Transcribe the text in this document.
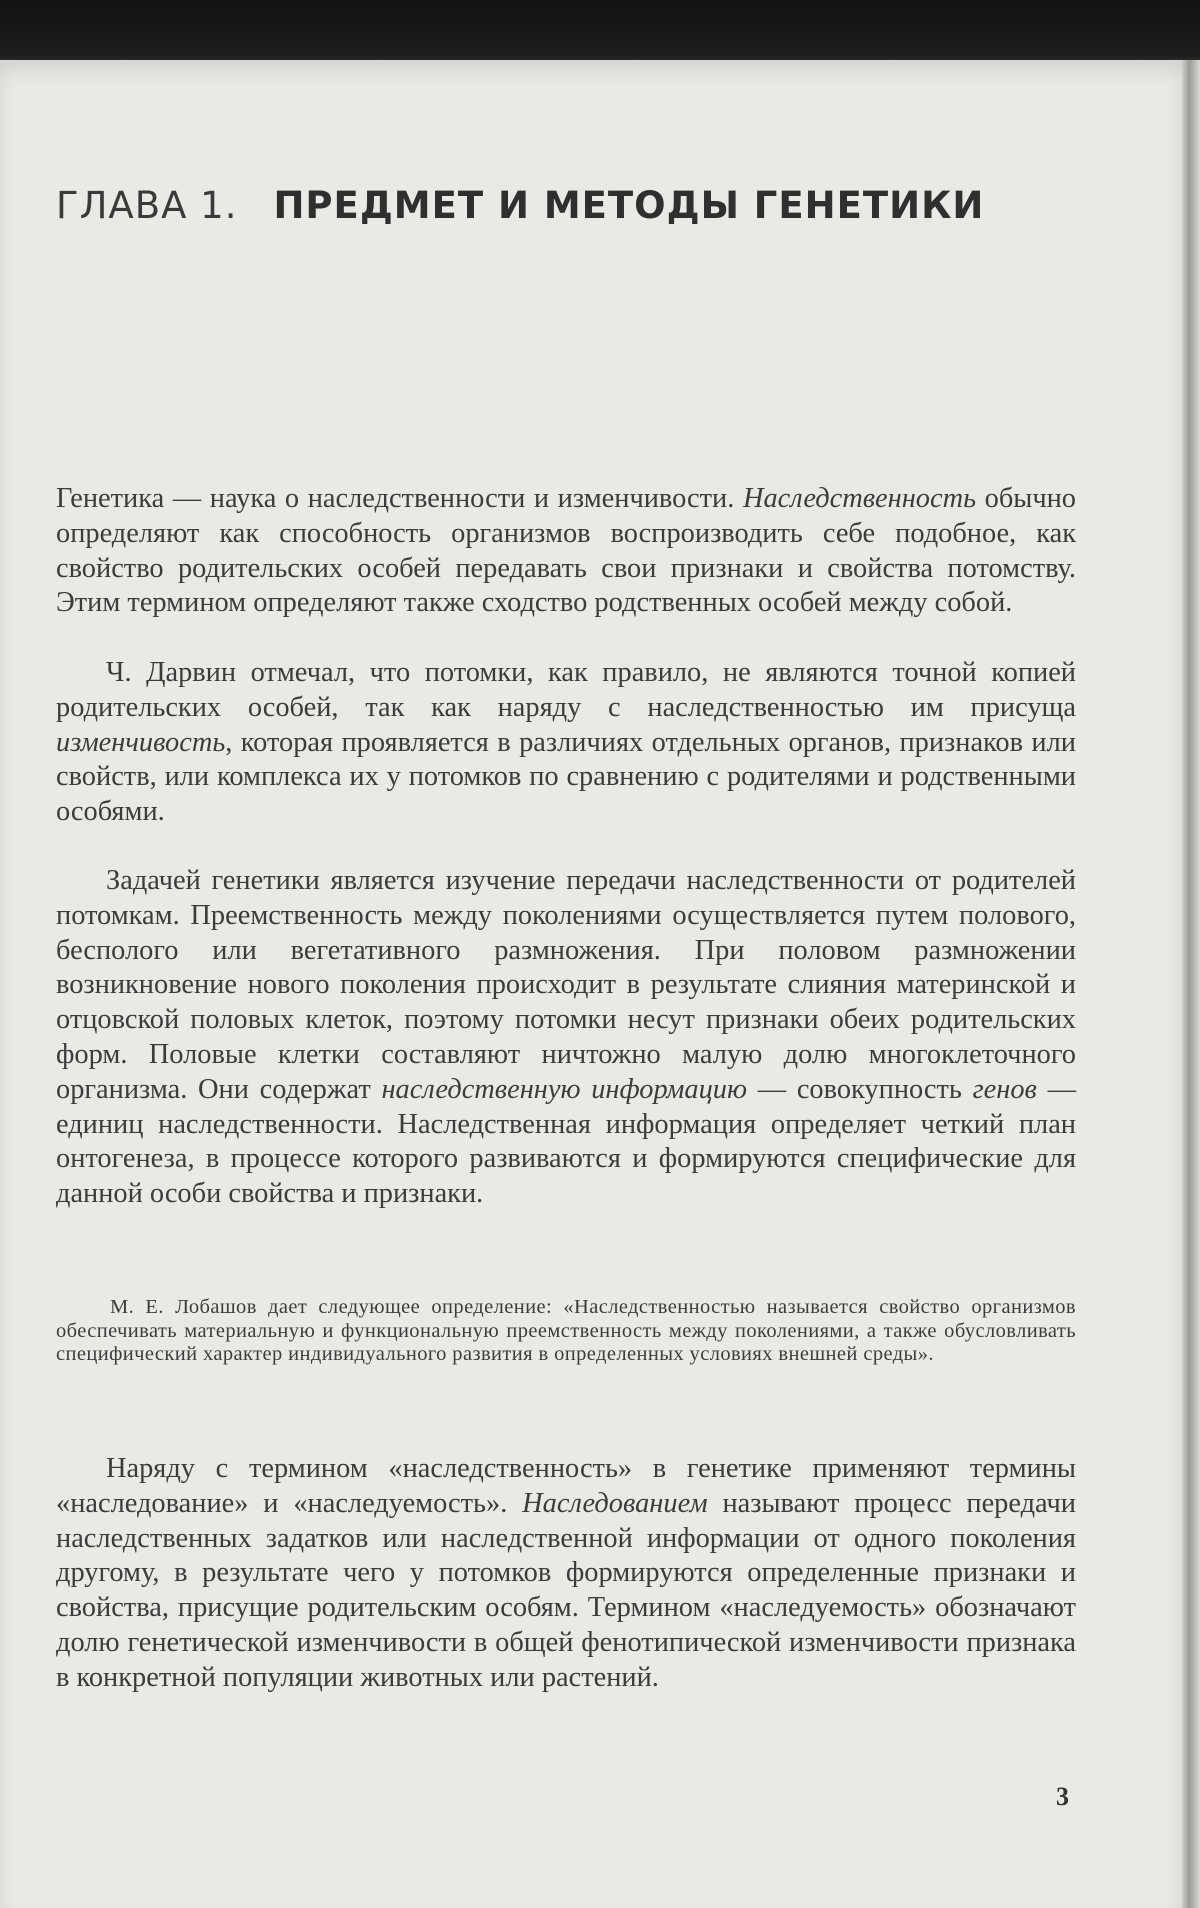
ГЛАВА 1. ПРЕДМЕТ И МЕТОДЫ ГЕНЕТИКИ

Генетика — наука о наследственности и изменчивости. Наследственность обычно определяют как способность организмов воспроизводить себе подобное, как свойство родительских особей передавать свои признаки и свойства потомству. Этим термином определяют также сходство родственных особей между собой.

Ч. Дарвин отмечал, что потомки, как правило, не являются точной копией родительских особей, так как наряду с наследственностью им присуща изменчивость, которая проявляется в различиях отдельных органов, признаков или свойств, или комплекса их у потомков по сравнению с родителями и родственными особями.

Задачей генетики является изучение передачи наследственности от родителей потомкам. Преемственность между поколениями осуществляется путем полового, бесполого или вегетативного размножения. При половом размножении возникновение нового поколения происходит в результате слияния материнской и отцовской половых клеток, поэтому потомки несут признаки обеих родительских форм. Половые клетки составляют ничтожно малую долю многоклеточного организма. Они содержат наследственную информацию — совокупность генов — единиц наследственности. Наследственная информация определяет четкий план онтогенеза, в процессе которого развиваются и формируются специфические для данной особи свойства и признаки.

М. Е. Лобашов дает следующее определение: «Наследственностью называется свойство организмов обеспечивать материальную и функциональную преемственность между поколениями, а также обусловливать специфический характер индивидуального развития в определенных условиях внешней среды».

Наряду с термином «наследственность» в генетике применяют термины «наследование» и «наследуемость». Наследованием называют процесс передачи наследственных задатков или наследственной информации от одного поколения другому, в результате чего у потомков формируются определенные признаки и свойства, присущие родительским особям. Термином «наследуемость» обозначают долю генетической изменчивости в общей фенотипической изменчивости признака в конкретной популяции животных или растений.

3
